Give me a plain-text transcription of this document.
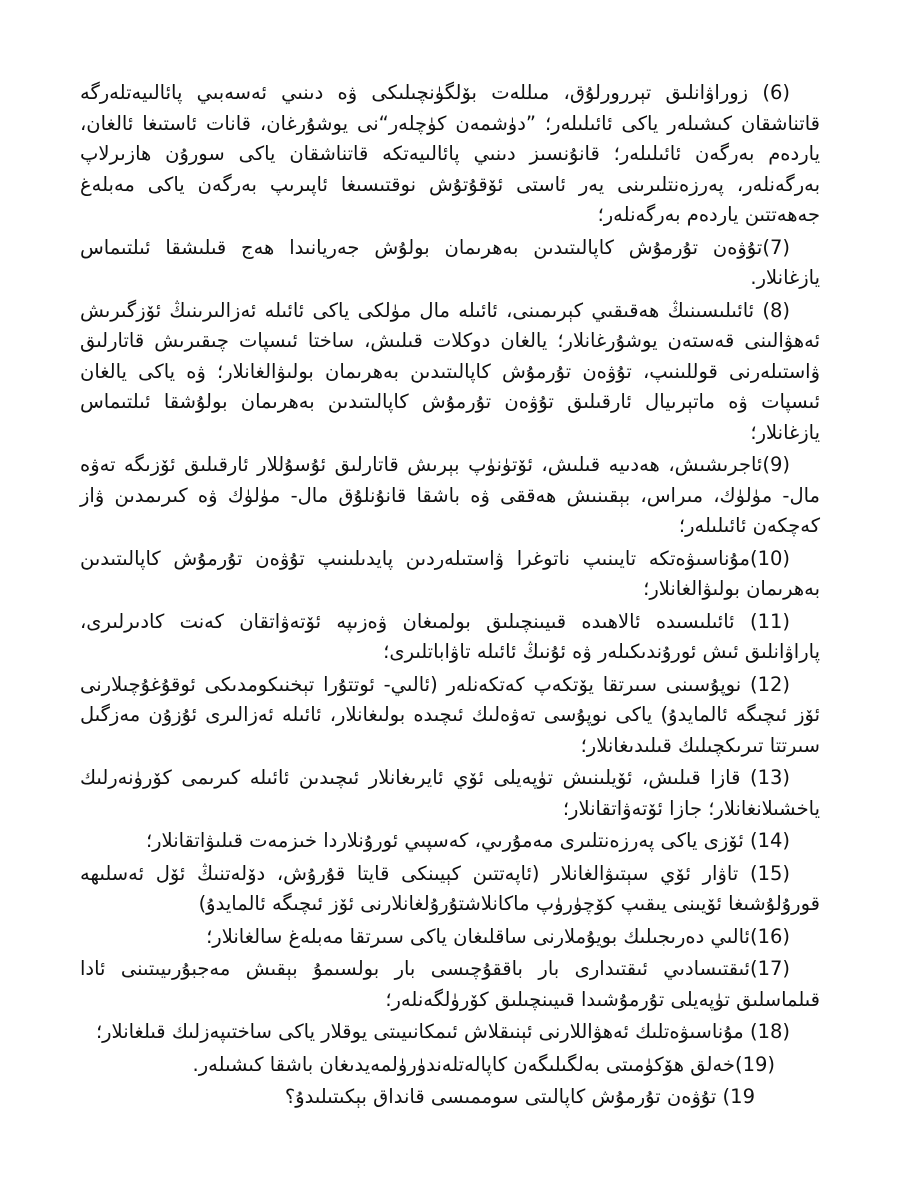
(6) زوراۋانلىق تېررورلۇق، مىللەت بۆلگۈنچىلىكى ۋە دىنىي ئەسەبىي پائالىيەتلەرگە قاتناشقان كىشىلەر ياكى ئائىلىلەر؛ ”دۈشمەن كۈچلەر“نى يوشۇرغان، قانات ئاستىغا ئالغان، ياردەم بەرگەن ئائىلىلەر؛ قانۇنسىز دىنىي پائالىيەتكە قاتناشقان ياكى سورۇن هازىرلاپ بەرگەنلەر، پەرزەنتلىرىنى يەر ئاستى ئۆقۇتۇش نوقتىسىغا ئاپىرىپ بەرگەن ياكى مەبلەغ جەھەتتىن ياردەم بەرگەنلەر؛

(7)تۇۋەن تۇرمۇش كاپالىتىدىن بەھرىمان بولۇش جەريانىدا ھەج قىلىشقا ئىلتىماس يازغانلار.

(8) ئائىلىسىنىڭ ھەقىقىي كېرىمىنى، ئائىلە مال مۈلكى ياكى ئائىلە ئەزالىرىنىڭ ئۆزگىرىش ئەھۋالىنى قەستەن يوشۇرغانلار؛ يالغان دوكلات قىلىش، ساختا ئىسپات چىقىرىش قاتارلىق ۋاستىلەرنى قوللىنىپ، تۇۋەن تۇرمۇش كاپالىتىدىن بەھرىمان بولىۋالغانلار؛ ۋە ياكى يالغان ئىسپات ۋە ماتېرىيال ئارقىلىق تۇۋەن تۇرمۇش كاپالىتىدىن بەھرىمان بولۇشقا ئىلتىماس يازغانلار؛

(9)ئاجرىشىش، ھەدىيە قىلىش، ئۆتۈنۈپ بېرىش قاتارلىق ئۇسۇللار ئارقىلىق ئۆزىگە تەۋە مال- مۈلۈك، مىراس، بېقىنىش ھەققى ۋە باشقا قانۇنلۇق مال- مۈلۈك ۋە كىرىمدىن ۋاز كەچكەن ئائىلىلەر؛

(10)مۇناسىۋەتكە تايىنىپ ناتوغرا ۋاستىلەردىن پايدىلىنىپ تۇۋەن تۇرمۇش كاپالىتىدىن بەھرىمان بولىۋالغانلار؛

(11) ئائىلىسىدە ئالاھىدە قىيىنچىلىق بولمىغان ۋەزىپە ئۆتەۋاتقان كەنت كادىرلىرى، پاراۋانلىق ئىش ئورۇندىكىلەر ۋە ئۇنىڭ ئائىلە تاۋاباتلىرى؛

(12) نوپۇسىنى سىرتقا يۆتكەپ كەتكەنلەر (ئالىي- ئوتتۇرا تېخنىكومدىكى ئوقۇغۇچىلارنى ئۆز ئىچىگە ئالمايدۇ) ياكى نوپۇسى تەۋەلىك ئىچىدە بولىغانلار، ئائىلە ئەزالىرى ئۇزۇن مەزگىل سىرتتا تىرىكچىلىك قىلىدىغانلار؛

(13) قازا قىلىش، ئۆيلىنىش تۈپەيلى ئۆي ئايرىغانلار ئىچىدىن ئائىلە كىرىمى كۆرۈنەرلىك ياخشىلانغانلار؛ جازا ئۆتەۋاتقانلار؛

(14) ئۆزى ياكى پەرزەنتلىرى مەمۇرىي، كەسپىي ئورۇنلاردا خىزمەت قىلىۋاتقانلار؛

(15) تاۋار ئۆي سېتىۋالغانلار (ئاپەتتىن كېيىنكى قايتا قۇرۇش، دۆلەتنىڭ ئۆل ئەسلىھە قورۇلۇشىغا ئۆيىنى يىقىپ كۆچۈرۈپ ماكانلاشتۇرۇلغانلارنى ئۆز ئىچىگە ئالمايدۇ)

(16)ئالىي دەرىجىلىك بويۇملارنى ساقلىغان ياكى سىرتقا مەبلەغ سالغانلار؛

(17)ئىقتىسادىي ئىقتىدارى بار باققۇچىسى بار بولسىمۇ بېقىش مەجبۇرىيىتىنى ئادا قىلماسلىق تۈپەيلى تۇرمۇشىدا قىيىنچىلىق كۆرۈلگەنلەر؛

(18) مۇناسىۋەتلىك ئەھۋاللارنى ئېنىقلاش ئىمكانىيىتى يوقلار ياكى ساختىپەزلىك قىلغانلار؛

(19)خەلق ھۆكۈمىتى بەلگىلىگەن كاپالەتلەندۈرۈلمەيدىغان باشقا كىشىلەر.

19) تۇۋەن تۇرمۇش كاپالىتى سوممىسى قانداق بېكىتىلىدۇ؟
